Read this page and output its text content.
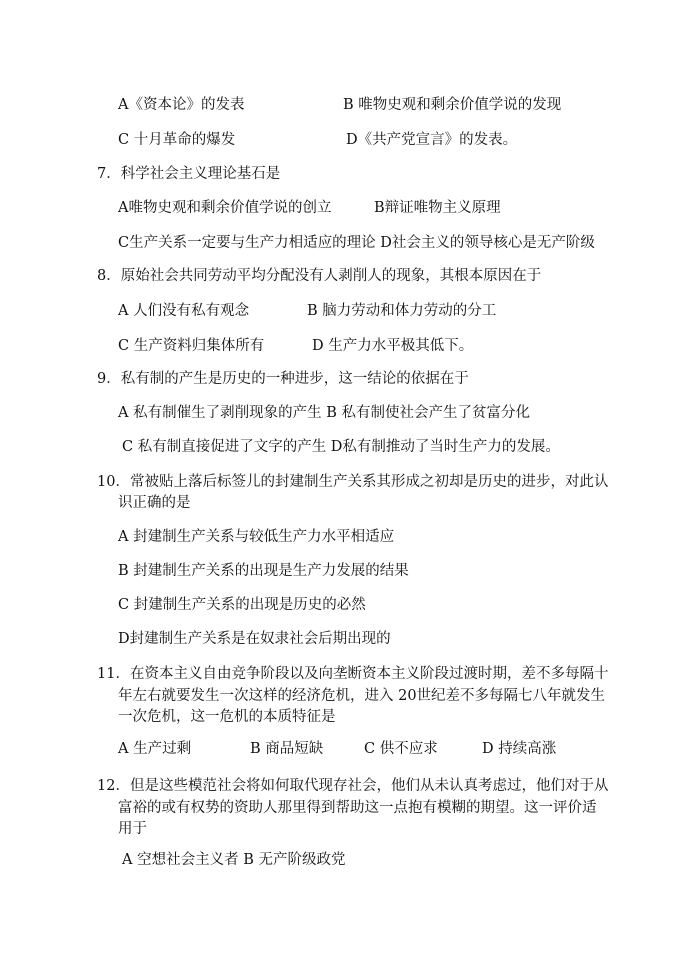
A《资本论》的发表	B 唯物史观和剩余价值学说的发现
C 十月革命的爆发	D《共产党宣言》的发表。
7．科学社会主义理论基石是
A唯物史观和剩余价值学说的创立	B辩证唯物主义原理
C生产关系一定要与生产力相适应的理论 D社会主义的领导核心是无产阶级
8．原始社会共同劳动平均分配没有人剥削人的现象，其根本原因在于
A 人们没有私有观念	B 脑力劳动和体力劳动的分工
C 生产资料归集体所有	D 生产力水平极其低下。
9．私有制的产生是历史的一种进步，这一结论的依据在于
A 私有制催生了剥削现象的产生 B 私有制使社会产生了贫富分化
C 私有制直接促进了文字的产生 D私有制推动了当时生产力的发展。
10．常被贴上落后标签儿的封建制生产关系其形成之初却是历史的进步，对此认
识正确的是
A 封建制生产关系与较低生产力水平相适应
B 封建制生产关系的出现是生产力发展的结果
C 封建制生产关系的出现是历史的必然
D封建制生产关系是在奴隶社会后期出现的
11．在资本主义自由竞争阶段以及向垄断资本主义阶段过渡时期，差不多每隔十
年左右就要发生一次这样的经济危机，进入 20世纪差不多每隔七八年就发生
一次危机，这一危机的本质特征是
A 生产过剩	B 商品短缺	C 供不应求	D 持续高涨
12．但是这些模范社会将如何取代现存社会，他们从未认真考虑过，他们对于从
富裕的或有权势的资助人那里得到帮助这一点抱有模糊的期望。这一评价适
用于
A 空想社会主义者 B 无产阶级政党
